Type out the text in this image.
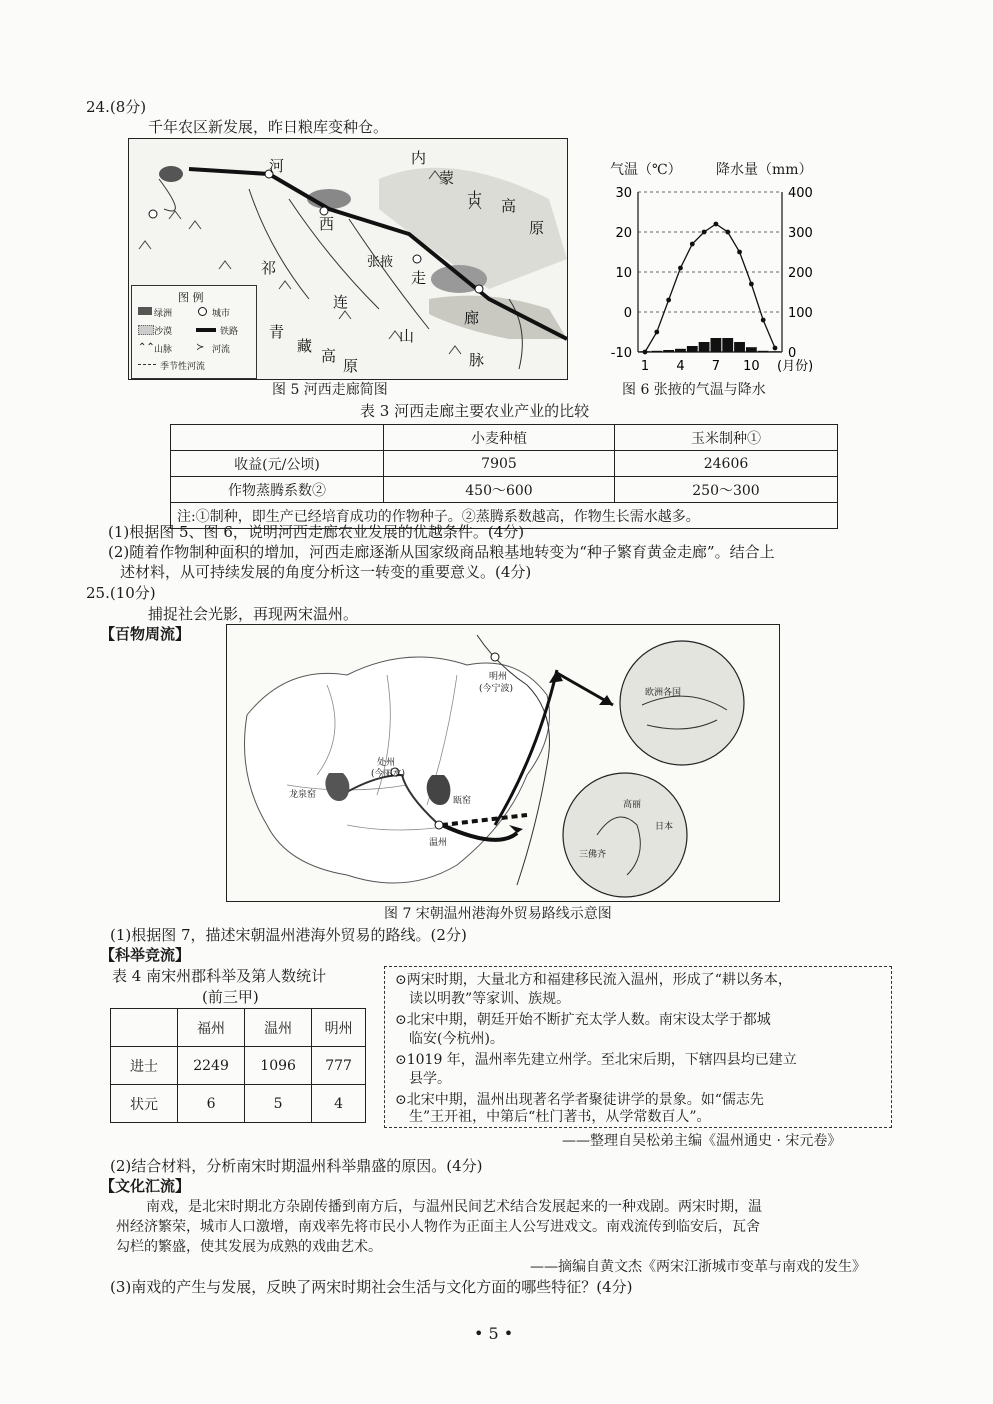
24.(8分)
千年农区新发展，昨日粮库变种仓。
河
西
走
廊
张掖
内
蒙
古 高
原
祁
连
山
脉
青
藏
高
原
图 例
绿洲	城市
沙漠	铁路
⌃⌃ 山脉 ≻ 河流
季节性河流
图 5 河西走廊简图
气温（℃） 降水量（mm）
30
20
10
0
-10
400
300
200
100
0
1 4 7 10 (月份)
图 6 张掖的气温与降水
表 3 河西走廊主要农业产业的比较
	小麦种植	玉米制种①
收益(元/公顷)	7905	24606
作物蒸腾系数②	450～600	250～300
注:①制种，即生产已经培育成功的作物种子。②蒸腾系数越高，作物生长需水越多。		
(1)根据图 5、图 6，说明河西走廊农业发展的优越条件。(4分)
(2)随着作物制种面积的增加，河西走廊逐渐从国家级商品粮基地转变为“种子繁育黄金走廊”。结合上
述材料，从可持续发展的角度分析这一转变的重要意义。(4分)
25.(10分)
捕捉社会光影，再现两宋温州。
【百物周流】
明州
(今宁波)
处州
(今丽水)
龙泉窑
瓯窑
温州
欧洲各国
高丽
日本
三佛齐
图 7 宋朝温州港海外贸易路线示意图
(1)根据图 7，描述宋朝温州港海外贸易的路线。(2分)
【科举竞流】
表 4 南宋州郡科举及第人数统计
(前三甲)
	福州	温州	明州
进士	2249	1096	777
状元	6	5	4
⊙两宋时期，大量北方和福建移民流入温州，形成了“耕以务本，
读以明教”等家训、族规。
⊙北宋中期，朝廷开始不断扩充太学人数。南宋设太学于都城
临安(今杭州)。
⊙1019 年，温州率先建立州学。至北宋后期，下辖四县均已建立
县学。
⊙北宋中期，温州出现著名学者聚徒讲学的景象。如“儒志先
生”王开祖，中第后“杜门著书，从学常数百人”。
——整理自吴松弟主编《温州通史 · 宋元卷》
(2)结合材料，分析南宋时期温州科举鼎盛的原因。(4分)
【文化汇流】
南戏，是北宋时期北方杂剧传播到南方后，与温州民间艺术结合发展起来的一种戏剧。两宋时期，温
州经济繁荣，城市人口激增，南戏率先将市民小人物作为正面主人公写进戏文。南戏流传到临安后，瓦舍
勾栏的繁盛，使其发展为成熟的戏曲艺术。
——摘编自黄文杰《两宋江浙城市变革与南戏的发生》
(3)南戏的产生与发展，反映了两宋时期社会生活与文化方面的哪些特征？(4分)
• 5 •
